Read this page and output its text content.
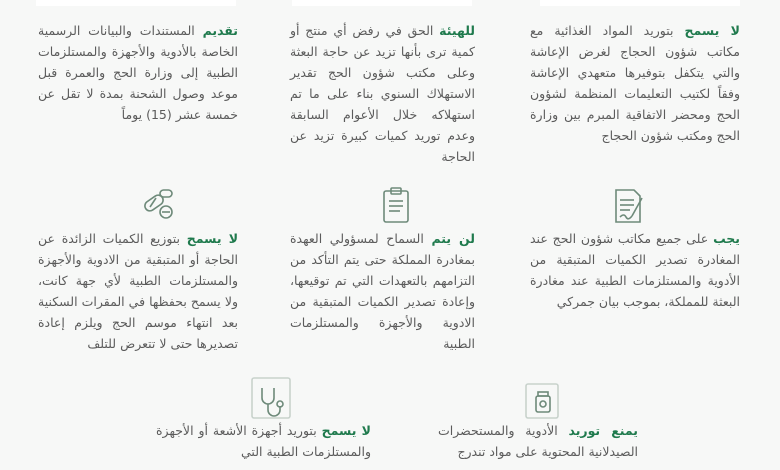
لا يسمح بتوريد المواد الغذائية مع مكاتب شؤون الحجاج لغرض الإعاشة والتي يتكفل بتوفيرها متعهدي الإعاشة وفقاً لكتيب التعليمات المنظمة لشؤون الحج ومحضر الاتفاقية المبرم بين وزارة الحج ومكتب شؤون الحجاج

للهيئة الحق في رفض أي منتج أو كمية ترى بأنها تزيد عن حاجة البعثة وعلى مكتب شؤون الحج تقدير الاستهلاك السنوي بناء على ما تم استهلاكه خلال الأعوام السابقة وعدم توريد كميات كبيرة تزيد عن الحاجة

تقديم المستندات والبيانات الرسمية الخاصة بالأدوية والأجهزة والمستلزمات الطبية إلى وزارة الحج والعمرة قبل موعد وصول الشحنة بمدة لا تقل عن خمسة عشر (15) يوماً

يجب على جميع مكاتب شؤون الحج عند المغادرة تصدير الكميات المتبقية من الأدوية والمستلزمات الطبية عند مغادرة البعثة للمملكة، بموجب بيان جمركي

لن يتم السماح لمسؤولي العهدة بمغادرة المملكة حتى يتم التأكد من التزامهم بالتعهدات التي تم توقيعها، وإعادة تصدير الكميات المتبقية من الادوية والأجهزة والمستلزمات الطبية

لا يسمح بتوزيع الكميات الزائدة عن الحاجة أو المتبقية من الادوية والأجهزة والمستلزمات الطبية لأي جهة كانت، ولا يسمح بحفظها في المقرات السكنية بعد انتهاء موسم الحج ويلزم إعادة تصديرها حتى لا تتعرض للتلف

يمنع توريد الأدوية والمستحضرات الصيدلانية المحتوية على مواد تندرج

لا يسمح بتوريد أجهزة الأشعة أو الأجهزة والمستلزمات الطبية التي
